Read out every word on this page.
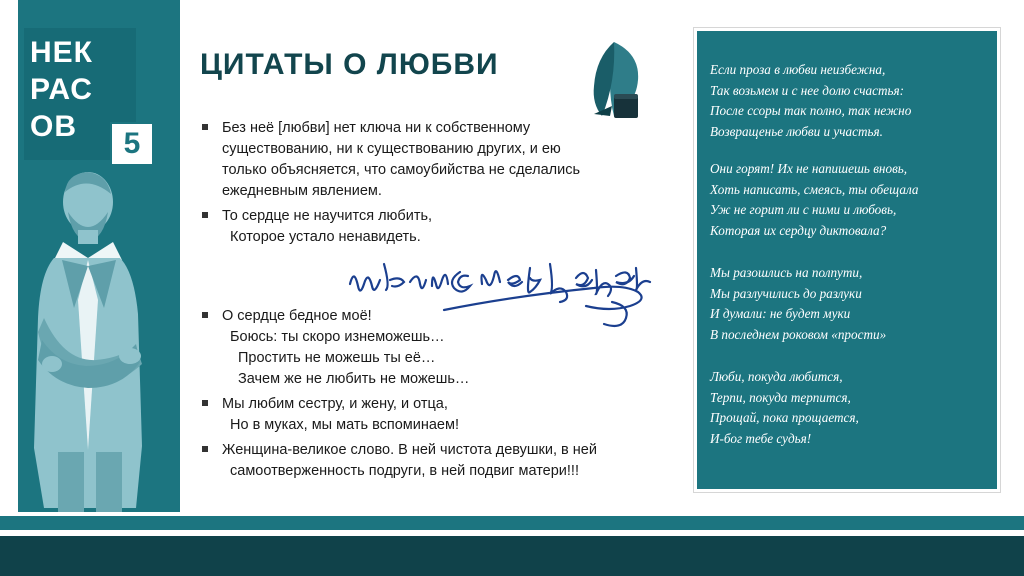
НЕК
РАС
ОВ
5
ЦИТАТЫ О ЛЮБВИ
Без неё [любви] нет ключа ни к собственному
существованию, ни к существованию других, и ею
только объясняется, что самоубийства не сделались
ежедневным явлением.
То сердце не научится любить,
Которое устало ненавидеть.
О сердце бедное моё!
Боюсь: ты скоро изнеможешь…
Простить не можешь ты её…
Зачем же не любить не можешь…
Мы любим сестру, и жену, и отца,
Но в муках, мы мать вспоминаем!
Женщина-великое слово. В ней чистота девушки, в ней
самоотверженность подруги, в ней подвиг матери!!!
Если проза в любви неизбежна,
Так возьмем и с нее долю счастья:
После ссоры так полно, так нежно
Возвращенье любви и участья.
Они горят! Их не напишешь вновь,
Хоть написать, смеясь, ты обещала
Уж не горит ли с ними и любовь,
Которая их сердцу диктовала?
Мы разошлись на полпути,
Мы разлучились до разлуки
И думали: не будет муки
В последнем роковом «прости»
Люби, покуда любится,
Терпи, покуда терпится,
Прощай, пока прощается,
И-бог тебе судья!
